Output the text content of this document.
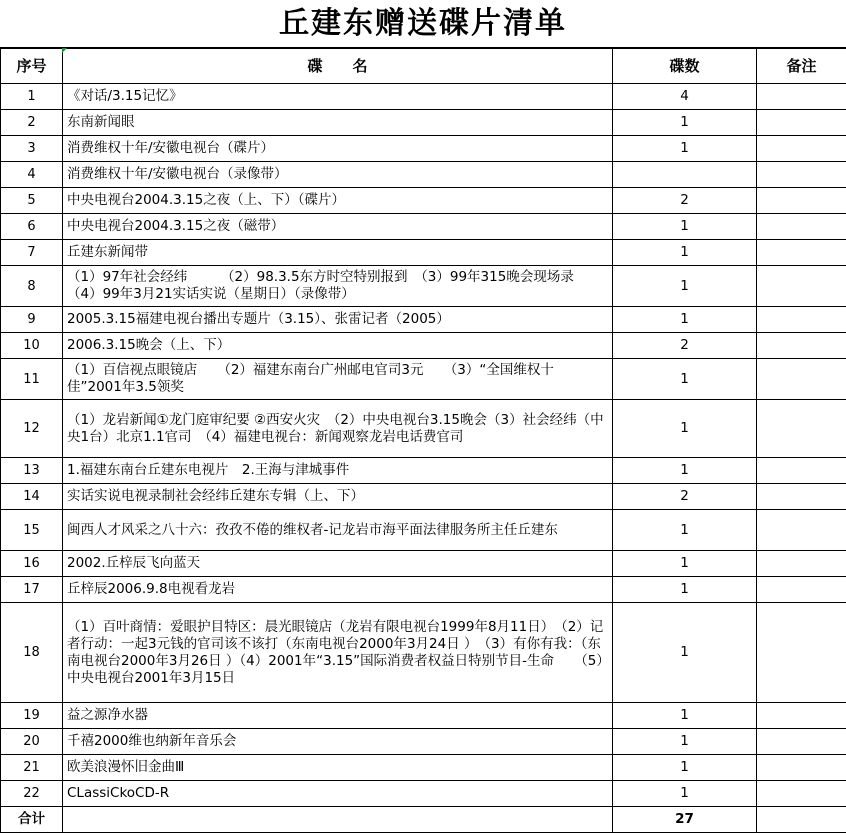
丘建东赠送碟片清单
序号	碟　　名	碟数	备注
1	《对话/3.15记忆》	4	
2	东南新闻眼	1	
3	消费维权十年/安徽电视台（碟片）	1	
4	消费维权十年/安徽电视台（录像带）		
5	中央电视台2004.3.15之夜（上、下）（碟片）	2	
6	中央电视台2004.3.15之夜（磁带）	1	
7	丘建东新闻带	1	
8	（1）97年社会经纬　　　（2）98.3.5东方时空特别报到　（3）99年315晚会现场录　（4）99年3月21实话实说（星期日）（录像带）	1	
9	2005.3.15福建电视台播出专题片（3.15）、张雷记者（2005）	1	
10	2006.3.15晚会（上、下）	2	
11	（1）百信视点眼镜店　　（2）福建东南台广州邮电官司3元　　（3）“全国维权十佳”2001年3.5领奖	1	
12	（1）龙岩新闻①龙门庭审纪要 ②西安火灾　（2）中央电视台3.15晚会（3）社会经纬（中央1台）北京1.1官司　（4）福建电视台：新闻观察龙岩电话费官司	1	
13	1.福建东南台丘建东电视片　2.王海与津城事件	1	
14	实话实说电视录制社会经纬丘建东专辑（上、下）	2	
15	闽西人才风采之八十六：孜孜不倦的维权者-记龙岩市海平面法律服务所主任丘建东	1	
16	2002.丘梓辰飞向蓝天	1	
17	丘梓辰2006.9.8电视看龙岩	1	
18	（1）百叶商情：爱眼护目特区：晨光眼镜店（龙岩有限电视台1999年8月11日）　（2）记者行动：一起3元钱的官司该不该打（东南电视台2000年3月24日 ）　（3）有你有我：（东南电视台2000年3月26日 ）（4）2001年“3.15”国际消费者权益日特别节目-生命　　（5）中央电视台2001年3月15日	1	
19	益之源净水器	1	
20	千禧2000维也纳新年音乐会	1	
21	欧美浪漫怀旧金曲Ⅲ	1	
22	CLassiCkoCD-R	1	
合计		27	
